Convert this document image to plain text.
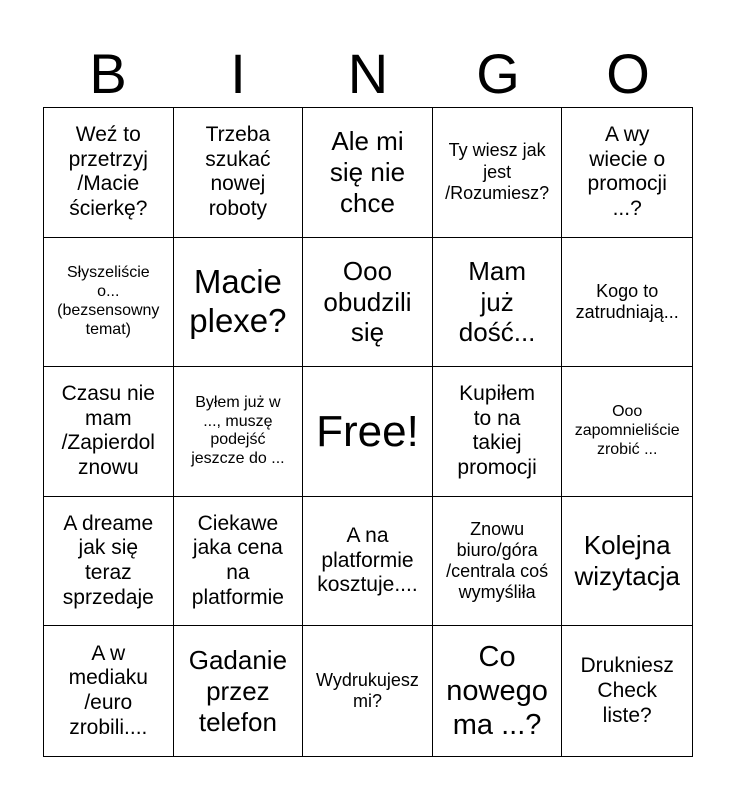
B	I	N	G	O
Weź to
przetrzyj
/Macie
ścierkę?
Trzeba
szukać
nowej
roboty
Ale mi
się nie
chce
Ty wiesz jak
jest
/Rozumiesz?
A wy
wiecie o
promocji
...?
Słyszeliście
o...
(bezsensowny
temat)
Macie
plexe?
Ooo
obudzili
się
Mam
już
dość...
Kogo to
zatrudniają...
Czasu nie
mam
/Zapierdol
znowu
Byłem już w
..., muszę
podejść
jeszcze do ...
Free!
Kupiłem
to na
takiej
promocji
Ooo
zapomnieliście
zrobić ...
A dreame
jak się
teraz
sprzedaje
Ciekawe
jaka cena
na
platformie
A na
platformie
kosztuje....
Znowu
biuro/góra
/centrala coś
wymyśliła
Kolejna
wizytacja
A w
mediaku
/euro
zrobili....
Gadanie
przez
telefon
Wydrukujesz
mi?
Co
nowego
ma ...?
Drukniesz
Check
liste?
